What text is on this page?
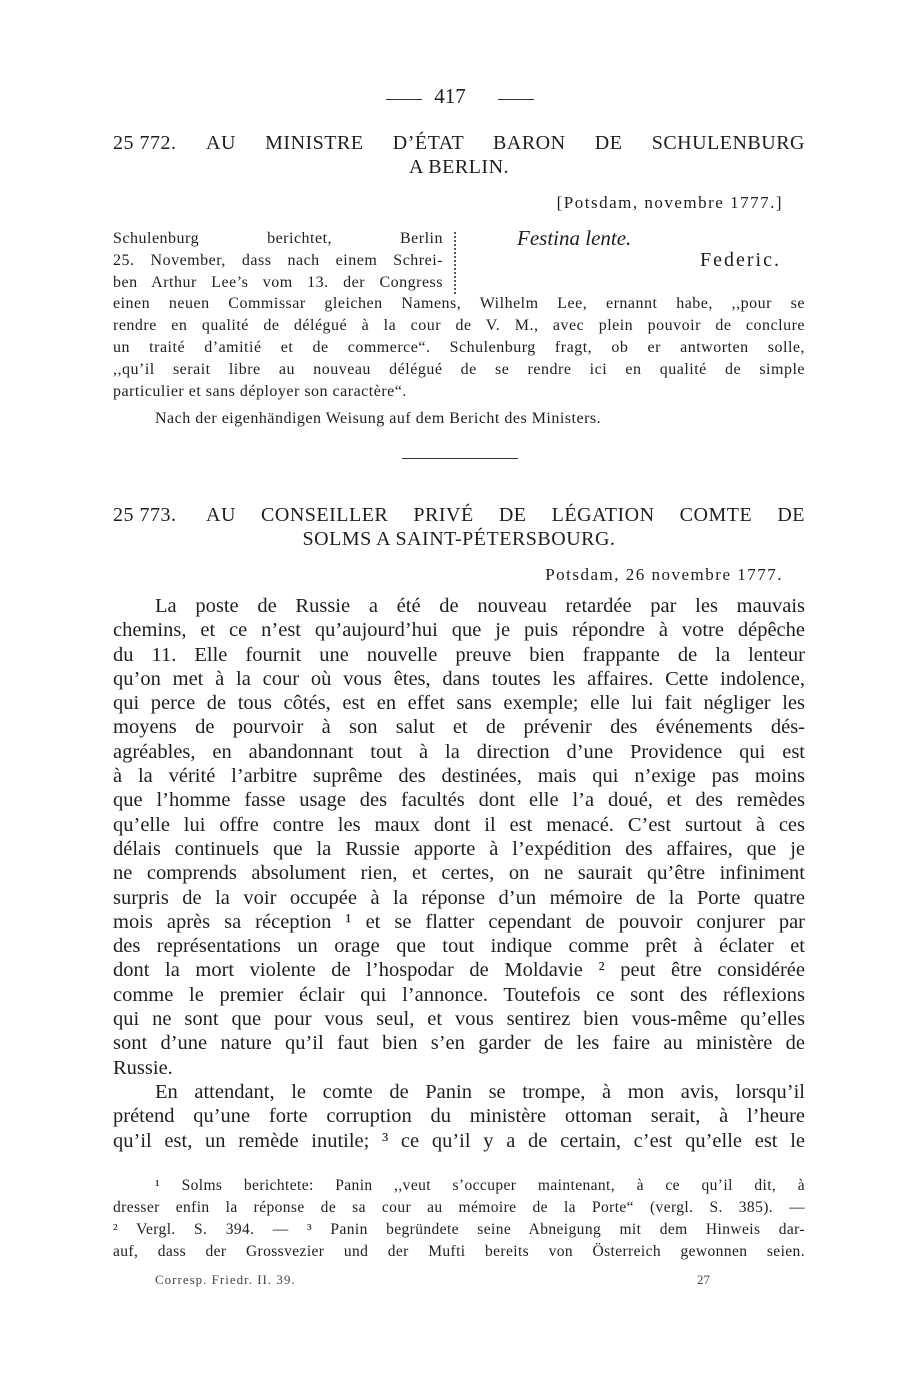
417
25 772. AU MINISTRE D’ÉTAT BARON DE SCHULENBURG
A BERLIN.
[Potsdam, novembre 1777.]
Schulenburg berichtet, Berlin
25. November, dass nach einem Schrei-
ben Arthur Lee’s vom 13. der Congress
Festina lente.
Federic.
einen neuen Commissar gleichen Namens, Wilhelm Lee, ernannt habe, ,,pour se
rendre en qualité de délégué à la cour de V. M., avec plein pouvoir de conclure
un traité d’amitié et de commerce“. Schulenburg fragt, ob er antworten solle,
,,qu’il serait libre au nouveau délégué de se rendre ici en qualité de simple
particulier et sans déployer son caractère“.
Nach der eigenhändigen Weisung auf dem Bericht des Ministers.
25 773. AU CONSEILLER PRIVÉ DE LÉGATION COMTE DE
SOLMS A SAINT-PÉTERSBOURG.
Potsdam, 26 novembre 1777.
La poste de Russie a été de nouveau retardée par les mauvais
chemins, et ce n’est qu’aujourd’hui que je puis répondre à votre dépêche
du 11. Elle fournit une nouvelle preuve bien frappante de la lenteur
qu’on met à la cour où vous êtes, dans toutes les affaires. Cette indolence,
qui perce de tous côtés, est en effet sans exemple; elle lui fait négliger les
moyens de pourvoir à son salut et de prévenir des événements dés-
agréables, en abandonnant tout à la direction d’une Providence qui est
à la vérité l’arbitre suprême des destinées, mais qui n’exige pas moins
que l’homme fasse usage des facultés dont elle l’a doué, et des remèdes
qu’elle lui offre contre les maux dont il est menacé. C’est surtout à ces
délais continuels que la Russie apporte à l’expédition des affaires, que je
ne comprends absolument rien, et certes, on ne saurait qu’être infiniment
surpris de la voir occupée à la réponse d’un mémoire de la Porte quatre
mois après sa réception ¹ et se flatter cependant de pouvoir conjurer par
des représentations un orage que tout indique comme prêt à éclater et
dont la mort violente de l’hospodar de Moldavie ² peut être considérée
comme le premier éclair qui l’annonce. Toutefois ce sont des réflexions
qui ne sont que pour vous seul, et vous sentirez bien vous-même qu’elles
sont d’une nature qu’il faut bien s’en garder de les faire au ministère de
Russie.
En attendant, le comte de Panin se trompe, à mon avis, lorsqu’il
prétend qu’une forte corruption du ministère ottoman serait, à l’heure
qu’il est, un remède inutile; ³ ce qu’il y a de certain, c’est qu’elle est le
¹ Solms berichtete: Panin ,,veut s’occuper maintenant, à ce qu’il dit, à
dresser enfin la réponse de sa cour au mémoire de la Porte“ (vergl. S. 385). —
² Vergl. S. 394. — ³ Panin begründete seine Abneigung mit dem Hinweis dar-
auf, dass der Grossvezier und der Mufti bereits von Österreich gewonnen seien.
Corresp. Friedr. II. 39.	27
